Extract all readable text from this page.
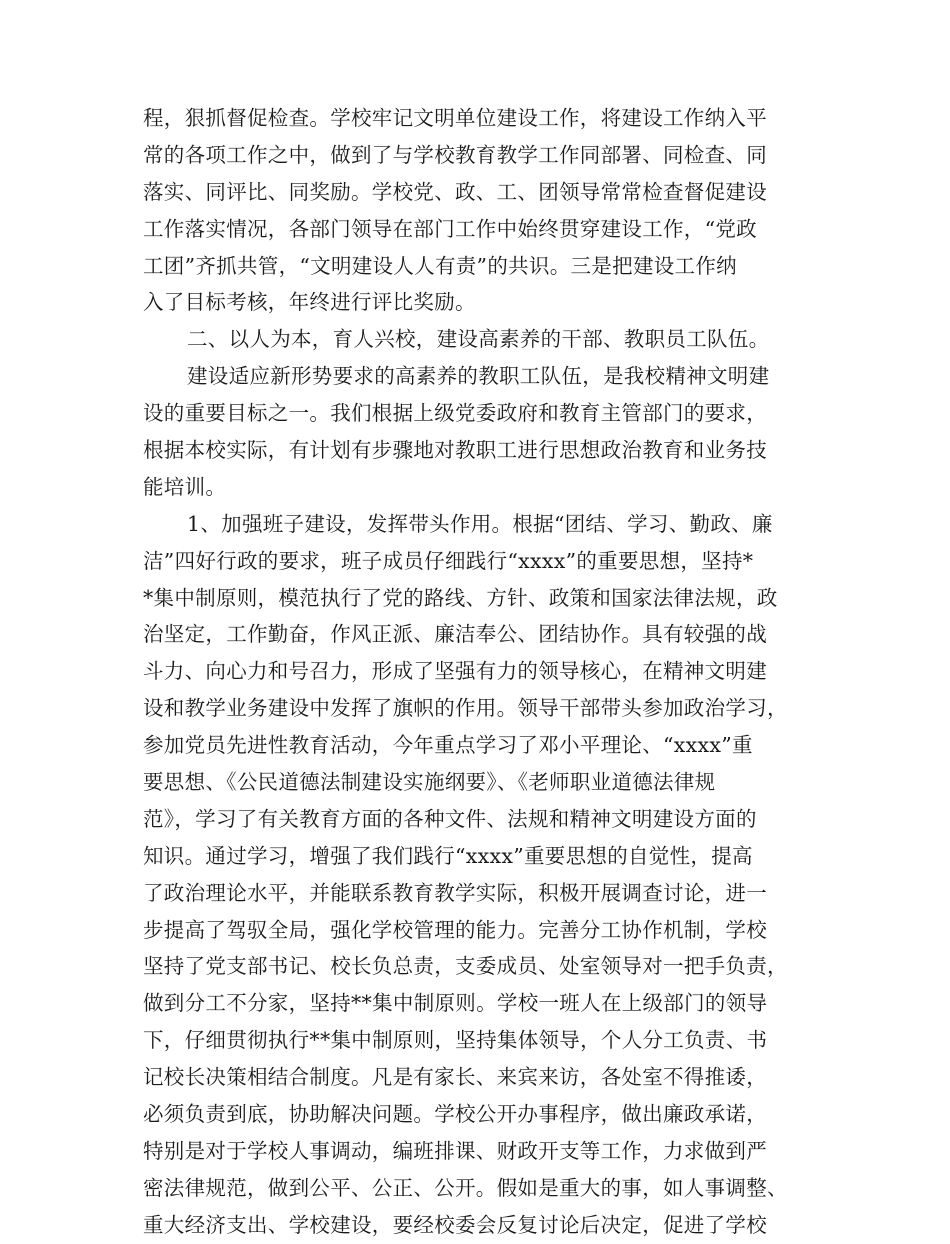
程，狠抓督促检查。学校牢记文明单位建设工作，将建设工作纳入平
常的各项工作之中，做到了与学校教育教学工作同部署、同检查、同
落实、同评比、同奖励。学校党、政、工、团领导常常检查督促建设
工作落实情况，各部门领导在部门工作中始终贯穿建设工作，“党政
工团”齐抓共管，“文明建设人人有责”的共识。三是把建设工作纳
入了目标考核，年终进行评比奖励。
二、以人为本，育人兴校，建设高素养的干部、教职员工队伍。
建设适应新形势要求的高素养的教职工队伍，是我校精神文明建
设的重要目标之一。我们根据上级党委政府和教育主管部门的要求，
根据本校实际，有计划有步骤地对教职工进行思想政治教育和业务技
能培训。
1、加强班子建设，发挥带头作用。根据“团结、学习、勤政、廉
洁”四好行政的要求，班子成员仔细践行“xxxx”的重要思想，坚持*
*集中制原则，模范执行了党的路线、方针、政策和国家法律法规，政
治坚定，工作勤奋，作风正派、廉洁奉公、团结协作。具有较强的战
斗力、向心力和号召力，形成了坚强有力的领导核心，在精神文明建
设和教学业务建设中发挥了旗帜的作用。领导干部带头参加政治学习，
参加党员先进性教育活动，今年重点学习了邓小平理论、“xxxx”重
要思想、《公民道德法制建设实施纲要》、《老师职业道德法律规
范》，学习了有关教育方面的各种文件、法规和精神文明建设方面的
知识。通过学习，增强了我们践行“xxxx”重要思想的自觉性，提高
了政治理论水平，并能联系教育教学实际，积极开展调查讨论，进一
步提高了驾驭全局，强化学校管理的能力。完善分工协作机制，学校
坚持了党支部书记、校长负总责，支委成员、处室领导对一把手负责，
做到分工不分家，坚持**集中制原则。学校一班人在上级部门的领导
下，仔细贯彻执行**集中制原则，坚持集体领导，个人分工负责、书
记校长决策相结合制度。凡是有家长、来宾来访，各处室不得推诿，
必须负责到底，协助解决问题。学校公开办事程序，做出廉政承诺，
特别是对于学校人事调动，编班排课、财政开支等工作，力求做到严
密法律规范，做到公平、公正、公开。假如是重大的事，如人事调整、
重大经济支出、学校建设，要经校委会反复讨论后决定，促进了学校
